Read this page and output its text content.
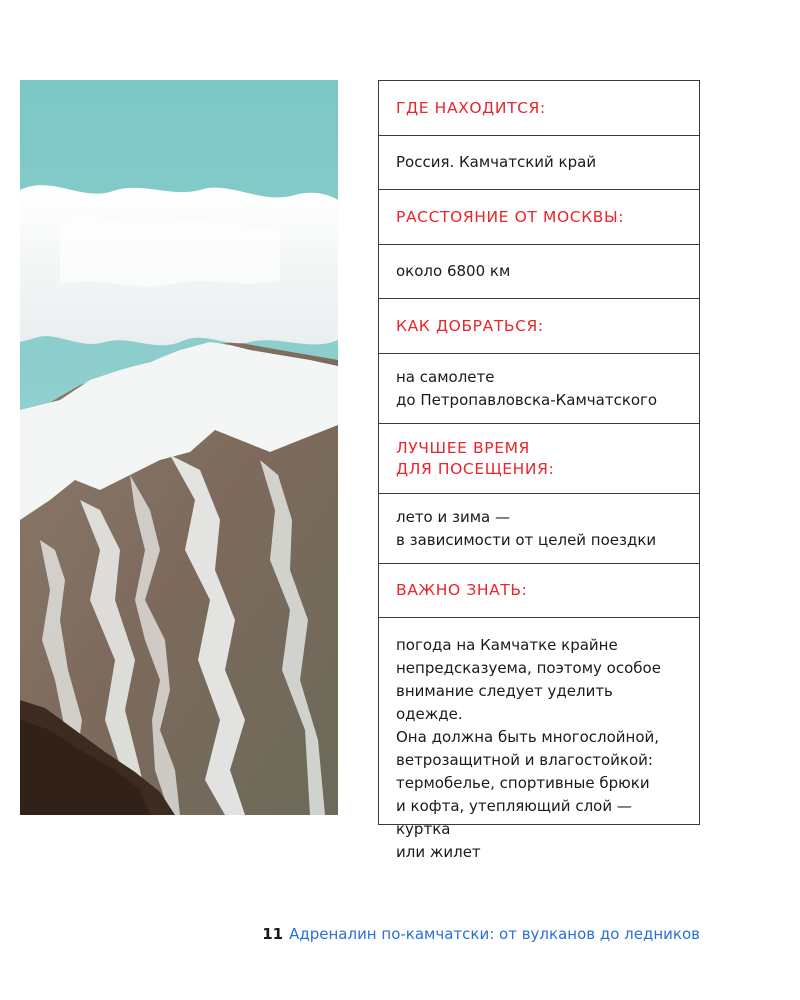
ГДЕ НАХОДИТСЯ:
Россия. Камчатский край
РАССТОЯНИЕ ОТ МОСКВЫ:
около 6800 км
КАК ДОБРАТЬСЯ:
на самолете
до Петропавловска-Камчатского
ЛУЧШЕЕ ВРЕМЯ
ДЛЯ ПОСЕЩЕНИЯ:
лето и зима —
в зависимости от целей поездки
ВАЖНО ЗНАТЬ:
погода на Камчатке крайне
непредсказуема, поэтому особое
внимание следует уделить одежде.
Она должна быть многослойной,
ветрозащитной и влагостойкой:
термобелье, спортивные брюки
и кофта, утепляющий слой — куртка
или жилет
11 Адреналин по-камчатски: от вулканов до ледников
